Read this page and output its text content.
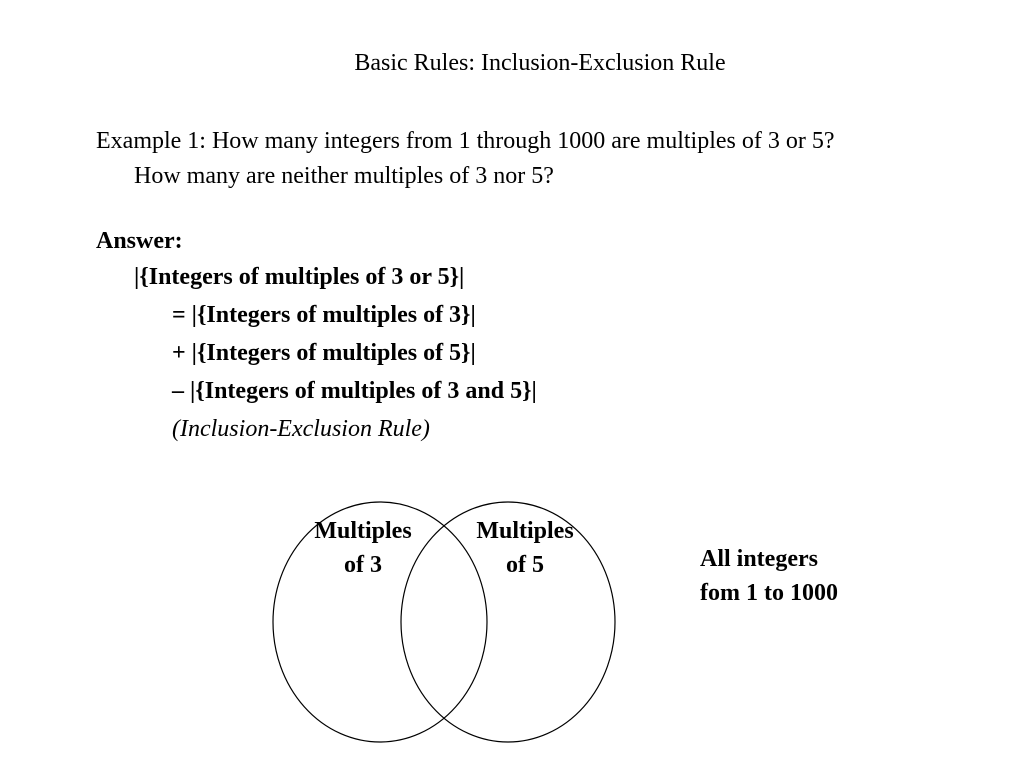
Basic Rules: Inclusion-Exclusion Rule
Example 1: How many integers from 1 through 1000 are multiples of 3 or 5?
How many are neither multiples of 3 nor 5?
Answer:
|{Integers of multiples of 3 or 5}|
= |{Integers of multiples of 3}|
+ |{Integers of multiples of 5}|
– |{Integers of multiples of 3 and 5}|
(Inclusion-Exclusion Rule)
Multiples
of 3
Multiples
of 5	All integers
fom 1 to 1000
